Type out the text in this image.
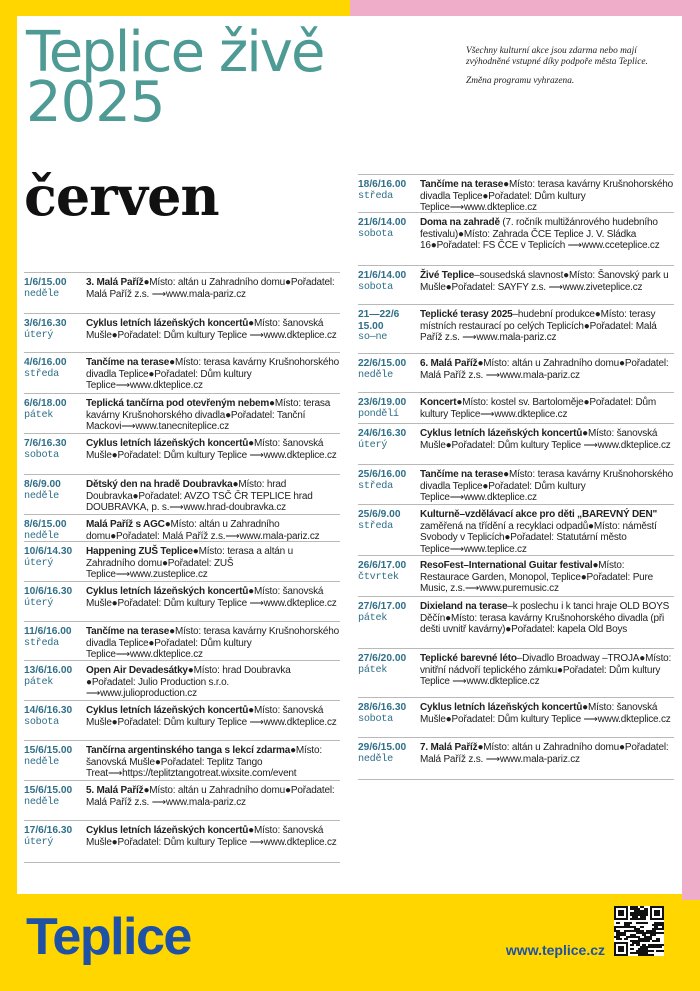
Teplice živě
2025
červen

Všechny kulturní akce jsou zdarma nebo mají zvýhodněné vstupné díky podpoře města Teplice.

Změna programu vyhrazena.

1/6/15.00
neděle
3. Malá Paříž●Místo: altán u Zahradního domu●Pořadatel: Malá Paříž z.s. ⟶www.mala-pariz.cz
3/6/16.30
úterý
Cyklus letních lázeňských koncertů●Místo: šanovská Mušle●Pořadatel: Dům kultury Teplice ⟶www.dkteplice.cz
4/6/16.00
středa
Tančíme na terase●Místo: terasa kavárny Krušnohorského divadla Teplice●Pořadatel: Dům kultury Teplice⟶www.dkteplice.cz
6/6/18.00
pátek
Teplická tančírna pod otevřeným nebem●Místo: terasa kavárny Krušnohorského divadla●Pořadatel: Tanční Mackovi⟶www.tanecniteplice.cz
7/6/16.30
sobota
Cyklus letních lázeňských koncertů●Místo: šanovská Mušle●Pořadatel: Dům kultury Teplice ⟶www.dkteplice.cz
8/6/9.00
neděle
Dětský den na hradě Doubravka●Místo: hrad Doubravka●Pořadatel: AVZO TSČ ČR TEPLICE hrad DOUBRAVKA, p. s.⟶www.hrad-doubravka.cz
8/6/15.00
neděle
Malá Paříž s AGC●Místo: altán u Zahradního domu●Pořadatel: Malá Paříž z.s.⟶www.mala-pariz.cz
10/6/14.30
úterý
Happening ZUŠ Teplice●Místo: terasa a altán u Zahradního domu●Pořadatel: ZUŠ Teplice⟶www.zusteplice.cz
10/6/16.30
úterý
Cyklus letních lázeňských koncertů●Místo: šanovská Mušle●Pořadatel: Dům kultury Teplice ⟶www.dkteplice.cz
11/6/16.00
středa
Tančíme na terase●Místo: terasa kavárny Krušnohorského divadla Teplice●Pořadatel: Dům kultury Teplice⟶www.dkteplice.cz
13/6/16.00
pátek
Open Air Devadesátky●Místo: hrad Doubravka ●Pořadatel: Julio Production s.r.o. ⟶www.julioproduction.cz
14/6/16.30
sobota
Cyklus letních lázeňských koncertů●Místo: šanovská Mušle●Pořadatel: Dům kultury Teplice ⟶www.dkteplice.cz
15/6/15.00
neděle
Tančírna argentinského tanga s lekcí zdarma●Místo: šanovská Mušle●Pořadatel: Teplitz Tango Treat⟶https://teplitztangotreat.wixsite.com/event
15/6/15.00
neděle
5. Malá Paříž●Místo: altán u Zahradního domu●Pořadatel: Malá Paříž z.s. ⟶www.mala-pariz.cz
17/6/16.30
úterý
Cyklus letních lázeňských koncertů●Místo: šanovská Mušle●Pořadatel: Dům kultury Teplice ⟶www.dkteplice.cz
18/6/16.00
středa
Tančíme na terase●Místo: terasa kavárny Krušnohorského divadla Teplice●Pořadatel: Dům kultury Teplice⟶www.dkteplice.cz
21/6/14.00
sobota
Doma na zahradě (7. ročník multižánrového hudebního festivalu)●Místo: Zahrada ČCE Teplice J. V. Sládka 16●Pořadatel: FS ČCE v Teplicích ⟶www.cceteplice.cz
21/6/14.00
sobota
Živé Teplice–sousedská slavnost●Místo: Šanovský park u Mušle●Pořadatel: SAYFY z.s. ⟶www.ziveteplice.cz
21—22/6 15.00
so—ne
Teplické terasy 2025–hudební produkce●Místo: terasy místních restaurací po celých Teplicích●Pořadatel: Malá Paříž z.s. ⟶www.mala-pariz.cz
22/6/15.00
neděle
6. Malá Paříž●Místo: altán u Zahradního domu●Pořadatel: Malá Paříž z.s. ⟶www.mala-pariz.cz
23/6/19.00
pondělí
Koncert●Místo: kostel sv. Bartoloměje●Pořadatel: Dům kultury Teplice⟶www.dkteplice.cz
24/6/16.30
úterý
Cyklus letních lázeňských koncertů●Místo: šanovská Mušle●Pořadatel: Dům kultury Teplice ⟶www.dkteplice.cz
25/6/16.00
středa
Tančíme na terase●Místo: terasa kavárny Krušnohorského divadla Teplice●Pořadatel: Dům kultury Teplice⟶www.dkteplice.cz
25/6/9.00
středa
Kulturně–vzdělávací akce pro děti „BAREVNÝ DEN" zaměřená na třídění a recyklaci odpadů●Místo: náměstí Svobody v Teplicích●Pořadatel: Statutární město Teplice⟶www.teplice.cz
26/6/17.00
čtvrtek
ResoFest–International Guitar festival●Místo: Restaurace Garden, Monopol, Teplice●Pořadatel: Pure Music, z.s.⟶www.puremusic.cz
27/6/17.00
pátek
Dixieland na terase–k poslechu i k tanci hraje OLD BOYS Děčín●Místo: terasa kavárny Krušnohorského divadla (při dešti uvnitř kavárny)●Pořadatel: kapela Old Boys
27/6/20.00
pátek
Teplické barevné léto–Divadlo Broadway –TROJA●Místo: vnitřní nádvoří teplického zámku●Pořadatel: Dům kultury Teplice ⟶www.dkteplice.cz
28/6/16.30
sobota
Cyklus letních lázeňských koncertů●Místo: šanovská Mušle●Pořadatel: Dům kultury Teplice ⟶www.dkteplice.cz
29/6/15.00
neděle
7. Malá Paříž●Místo: altán u Zahradního domu●Pořadatel: Malá Paříž z.s. ⟶www.mala-pariz.cz
Teplice	www.teplice.cz
